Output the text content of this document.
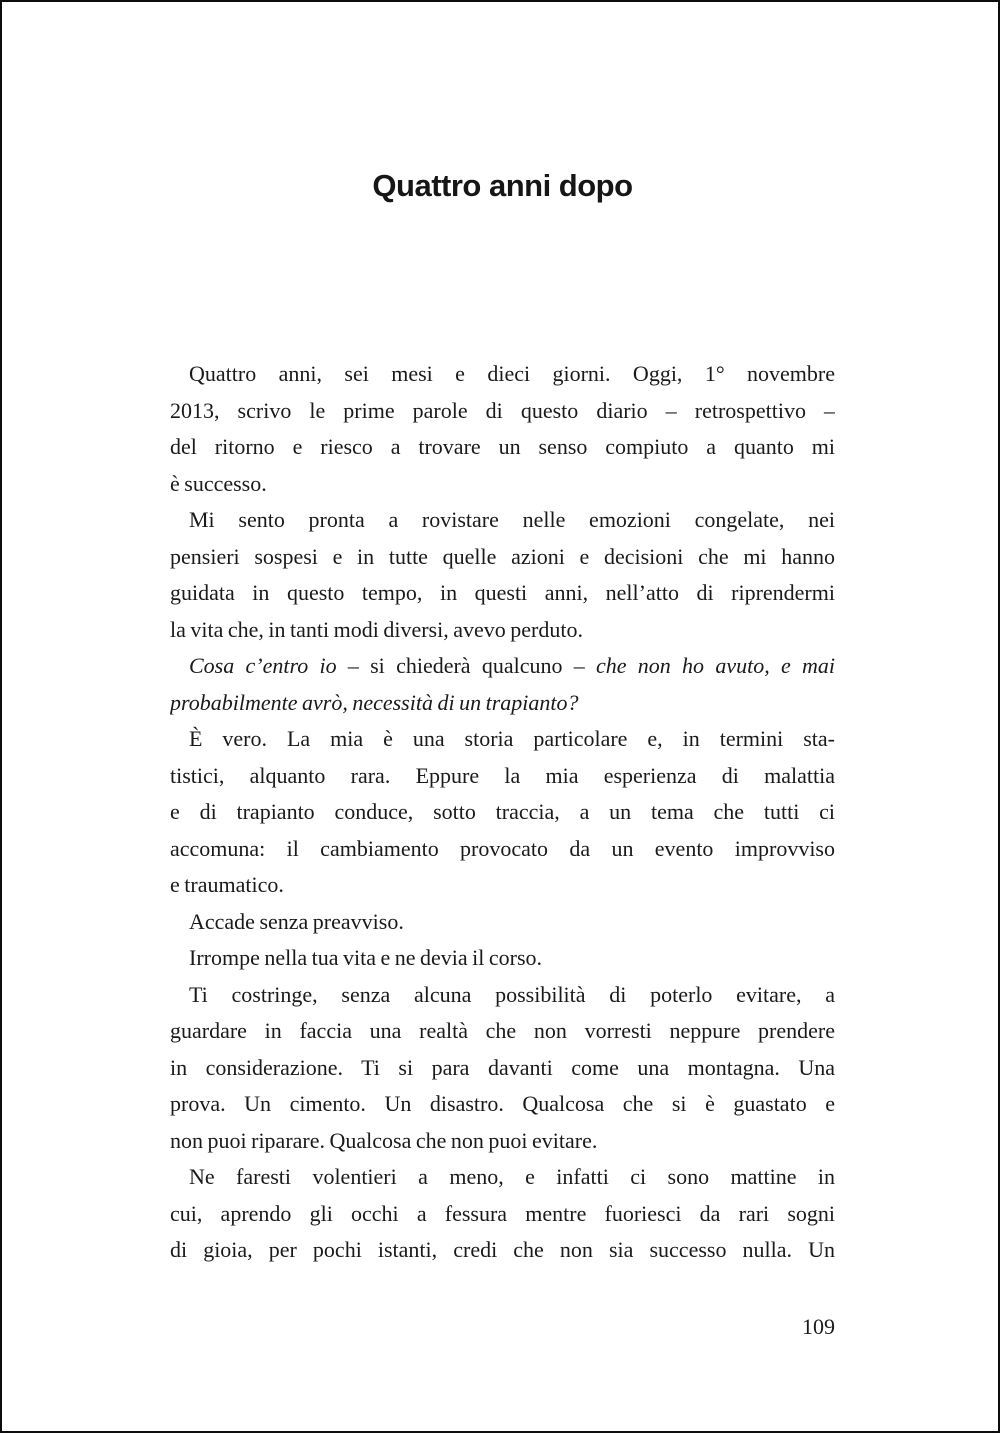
Quattro anni dopo
Quattro anni, sei mesi e dieci giorni. Oggi, 1° novembre
2013, scrivo le prime parole di questo diario – retrospettivo –
del ritorno e riesco a trovare un senso compiuto a quanto mi
è successo.
Mi sento pronta a rovistare nelle emozioni congelate, nei
pensieri sospesi e in tutte quelle azioni e decisioni che mi hanno
guidata in questo tempo, in questi anni, nell’atto di riprendermi
la vita che, in tanti modi diversi, avevo perduto.
Cosa c’entro io – si chiederà qualcuno – che non ho avuto, e mai
probabilmente avrò, necessità di un trapianto?
È vero. La mia è una storia particolare e, in termini sta-
tistici, alquanto rara. Eppure la mia esperienza di malattia
e di trapianto conduce, sotto traccia, a un tema che tutti ci
accomuna: il cambiamento provocato da un evento improvviso
e traumatico.
Accade senza preavviso.
Irrompe nella tua vita e ne devia il corso.
Ti costringe, senza alcuna possibilità di poterlo evitare, a
guardare in faccia una realtà che non vorresti neppure prendere
in considerazione. Ti si para davanti come una montagna. Una
prova. Un cimento. Un disastro. Qualcosa che si è guastato e
non puoi riparare. Qualcosa che non puoi evitare.
Ne faresti volentieri a meno, e infatti ci sono mattine in
cui, aprendo gli occhi a fessura mentre fuoriesci da rari sogni
di gioia, per pochi istanti, credi che non sia successo nulla. Un
109
